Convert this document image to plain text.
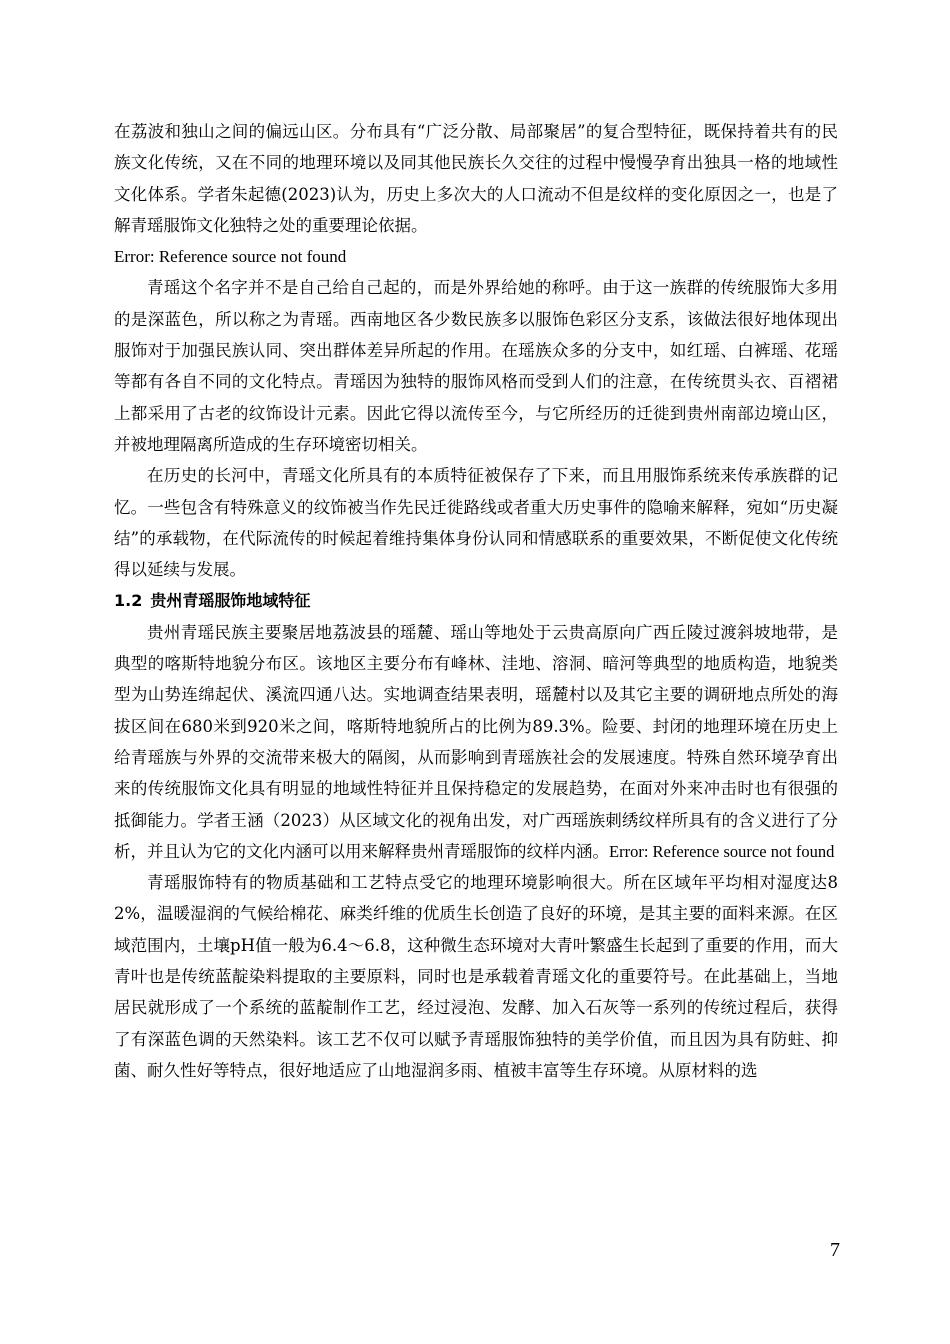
在荔波和独山之间的偏远山区。分布具有“广泛分散、局部聚居”的复合型特征，既保持着共有的民族文化传统，又在不同的地理环境以及同其他民族长久交往的过程中慢慢孕育出独具一格的地域性文化体系。学者朱起德(2023)认为，历史上多次大的人口流动不但是纹样的变化原因之一，也是了解青瑶服饰文化独特之处的重要理论依据。

Error: Reference source not found

青瑶这个名字并不是自己给自己起的，而是外界给她的称呼。由于这一族群的传统服饰大多用的是深蓝色，所以称之为青瑶。西南地区各少数民族多以服饰色彩区分支系，该做法很好地体现出服饰对于加强民族认同、突出群体差异所起的作用。在瑶族众多的分支中，如红瑶、白裤瑶、花瑶等都有各自不同的文化特点。青瑶因为独特的服饰风格而受到人们的注意，在传统贯头衣、百褶裙上都采用了古老的纹饰设计元素。因此它得以流传至今，与它所经历的迁徙到贵州南部边境山区，并被地理隔离所造成的生存环境密切相关。

在历史的长河中，青瑶文化所具有的本质特征被保存了下来，而且用服饰系统来传承族群的记忆。一些包含有特殊意义的纹饰被当作先民迁徙路线或者重大历史事件的隐喻来解释，宛如“历史凝结”的承载物，在代际流传的时候起着维持集体身份认同和情感联系的重要效果，不断促使文化传统得以延续与发展。

1.2 贵州青瑶服饰地域特征

贵州青瑶民族主要聚居地荔波县的瑶麓、瑶山等地处于云贵高原向广西丘陵过渡斜坡地带，是典型的喀斯特地貌分布区。该地区主要分布有峰林、洼地、溶洞、暗河等典型的地质构造，地貌类型为山势连绵起伏、溪流四通八达。实地调查结果表明，瑶麓村以及其它主要的调研地点所处的海拔区间在680米到920米之间，喀斯特地貌所占的比例为89.3%。险要、封闭的地理环境在历史上给青瑶族与外界的交流带来极大的隔阂，从而影响到青瑶族社会的发展速度。特殊自然环境孕育出来的传统服饰文化具有明显的地域性特征并且保持稳定的发展趋势，在面对外来冲击时也有很强的抵御能力。学者王涵（2023）从区域文化的视角出发，对广西瑶族刺绣纹样所具有的含义进行了分析，并且认为它的文化内涵可以用来解释贵州青瑶服饰的纹样内涵。Error: Reference source not found

青瑶服饰特有的物质基础和工艺特点受它的地理环境影响很大。所在区域年平均相对湿度达82%，温暖湿润的气候给棉花、麻类纤维的优质生长创造了良好的环境，是其主要的面料来源。在区域范围内，土壤pH值一般为6.4～6.8，这种微生态环境对大青叶繁盛生长起到了重要的作用，而大青叶也是传统蓝靛染料提取的主要原料，同时也是承载着青瑶文化的重要符号。在此基础上，当地居民就形成了一个系统的蓝靛制作工艺，经过浸泡、发酵、加入石灰等一系列的传统过程后，获得了有深蓝色调的天然染料。该工艺不仅可以赋予青瑶服饰独特的美学价值，而且因为具有防蛀、抑菌、耐久性好等特点，很好地适应了山地湿润多雨、植被丰富等生存环境。从原材料的选

7
